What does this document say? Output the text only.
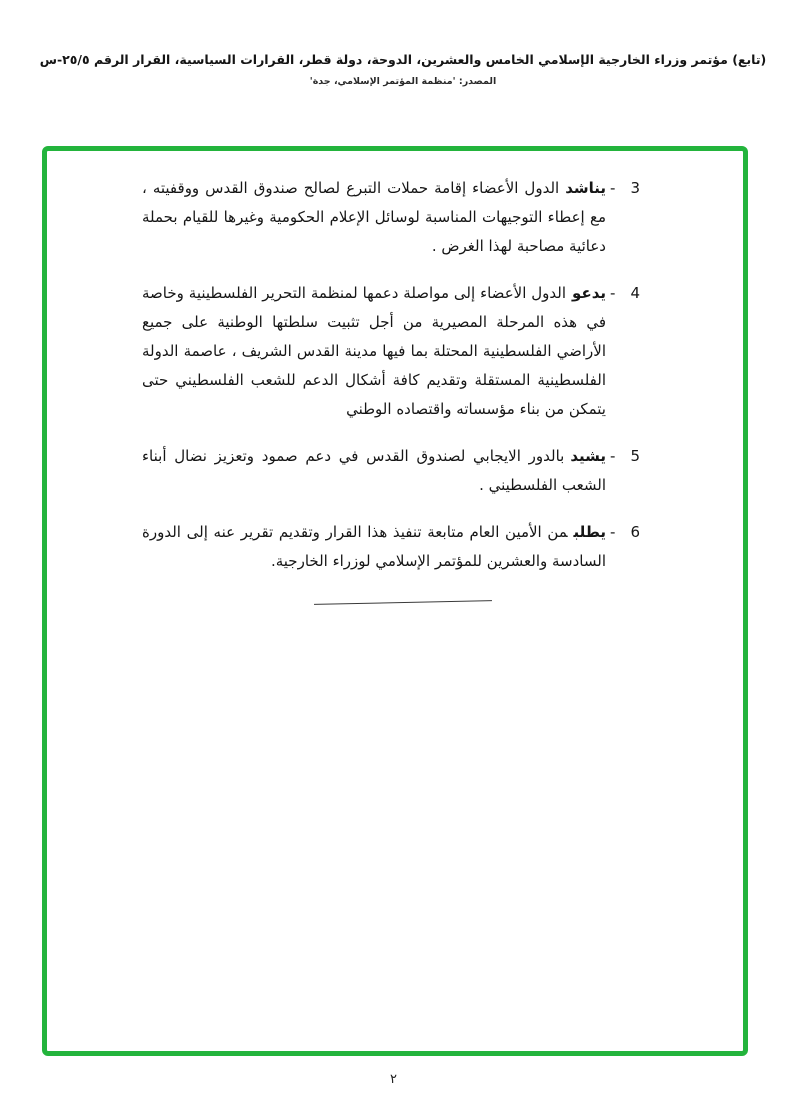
(تابع) مؤتمر وزراء الخارجية الإسلامي الخامس والعشرين، الدوحة، دولة قطر، القرارات السياسية، القرار الرقم ٢٥/٥-س
المصدر: 'منظمة المؤتمر الإسلامي، جدة'
- 3

يناشدالدول الأعضاء إقامة حملات التبرع لصالح صندوق القدس ووقفيته ، مع إعطاء التوجيهات المناسبة لوسائل الإعلام الحكومية وغيرها للقيام بحملة دعائية مصاحبة لهذا الغرض .

- 4

يدعوالدول الأعضاء إلى مواصلة دعمها لمنظمة التحرير الفلسطينية وخاصة في هذه المرحلة المصيرية من أجل تثبيت سلطتها الوطنية على جميع الأراضي الفلسطينية المحتلة بما فيها مدينة القدس الشريف ، عاصمة الدولة الفلسطينية المستقلة وتقديم كافة أشكال الدعم للشعب الفلسطيني حتى يتمكن من بناء مؤسساته واقتصاده الوطني

- 5

يشيدبالدور الايجابي لصندوق القدس في دعم صمود وتعزيز نضال أبناء الشعب الفلسطيني .

- 6

يطلبمن الأمين العام متابعة تنفيذ هذا القرار وتقديم تقرير عنه إلى الدورة السادسة والعشرين للمؤتمر الإسلامي لوزراء الخارجية.

٢
